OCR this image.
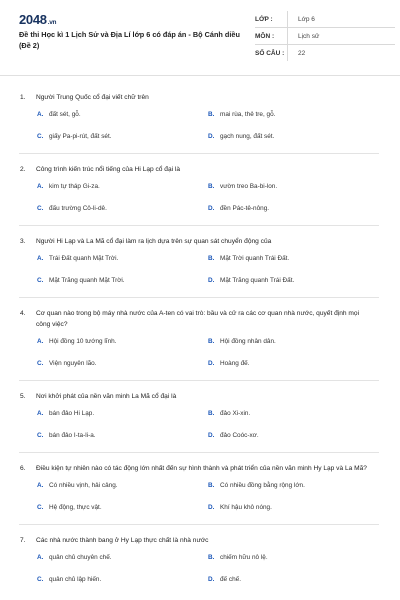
2048.vn
Đề thi Học kì 1 Lịch Sử và Địa Lí lớp 6 có đáp án - Bộ Cánh diều (Đề 2)
LỚP :	Lớp 6
MÔN :	Lịch sử
SỐ CÂU :	22
1.	Người Trung Quốc cổ đại viết chữ trên
A. đất sét, gỗ.	B. mai rùa, thẻ tre, gỗ.
C. giấy Pa-pi-rút, đất sét.	D. gạch nung, đất sét.
2.	Công trình kiến trúc nổi tiếng của Hi Lạp cổ đại là
A. kim tự tháp Gi-za.	B. vườn treo Ba-bi-lon.
C. đấu trường Cô-li-dê.	D. đền Pác-tê-nông.
3.	Người Hi Lạp và La Mã cổ đại làm ra lịch dựa trên sự quan sát chuyển động của
A. Trái Đất quanh Mặt Trời.	B. Mặt Trời quanh Trái Đất.
C. Mặt Trăng quanh Mặt Trời.	D. Mặt Trăng quanh Trái Đất.
4.	Cơ quan nào trong bộ máy nhà nước của A-ten có vai trò: bầu và cử ra các cơ quan nhà nước, quyết định mọi công việc?
A. Hội đồng 10 tướng lĩnh.	B. Hội đồng nhân dân.
C. Viện nguyên lão.	D. Hoàng đế.
5.	Nơi khởi phát của nền văn minh La Mã cổ đại là
A. bán đảo Hi Lạp.	B. đảo Xi-xin.
C. bán đảo I-ta-li-a.	D. đảo Coóc-xơ.
6.	Điều kiện tự nhiên nào có tác động lớn nhất đến sự hình thành và phát triển của nền văn minh Hy Lạp và La Mã?
A. Có nhiều vịnh, hải cảng.	B. Có nhiều đồng bằng rộng lớn.
C. Hệ động, thực vật.	D. Khí hậu khô nóng.
7.	Các nhà nước thành bang ở Hy Lạp thực chất là nhà nước
A. quân chủ chuyên chế.	B. chiếm hữu nô lệ.
C. quân chủ lập hiến.	D. đế chế.
